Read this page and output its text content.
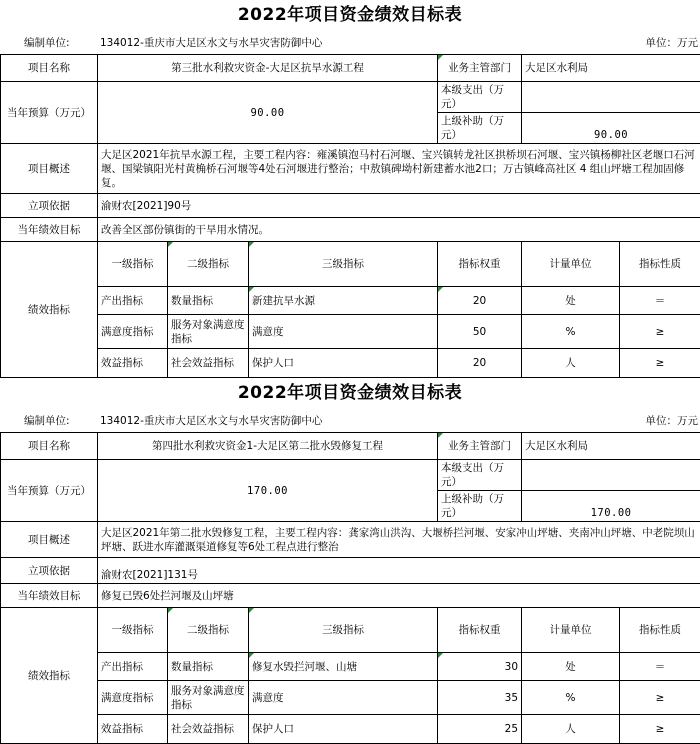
2022年项目资金绩效目标表
编制单位:	134012-重庆市大足区水文与水旱灾害防御中心	单位：万元
项目名称	第三批水利救灾资金-大足区抗旱水源工程			业务主管部门	大足区水利局		
当年预算（万元）	90.00			本级支出（万元）			
				上级补助（万元）	90.00		
项目概述	大足区2021年抗旱水源工程，主要工程内容：雍溪镇泡马村石河堰、宝兴镇转龙社区拱桥坝石河堰、宝兴镇杨柳社区老堰口石河堰、国梁镇阳光村黄桷桥石河堰等4处石河堰进行整治；中敖镇碑坳村新建蓄水池2口；万古镇峰高社区 4 组山坪塘工程加固修复。						
立项依据	渝财农[2021]90号						
当年绩效目标	改善全区部份镇街的干旱用水情况。						
绩效指标	一级指标	二级指标	三级指标	指标权重	计量单位	指标性质	
	产出指标	数量指标	新建抗旱水源	20	处	＝	
	满意度指标	服务对象满意度指标	满意度	50	%	≥	
	效益指标	社会效益指标	保护人口	20	人	≥	
2022年项目资金绩效目标表
编制单位:	134012-重庆市大足区水文与水旱灾害防御中心	单位：万元
项目名称	第四批水利救灾资金1-大足区第二批水毁修复工程			业务主管部门	大足区水利局		
当年预算（万元）	170.00			本级支出（万元）			
				上级补助（万元）	170.00		
项目概述	大足区2021年第二批水毁修复工程，主要工程内容：龚家湾山洪沟、大堰桥拦河堰、安家冲山坪塘、夹南冲山坪塘、中老院坝山坪塘、跃进水库灌溉渠道修复等6处工程点进行整治						
立项依据	渝财农[2021]131号						
当年绩效目标	修复已毁6处拦河堰及山坪塘						
绩效指标	一级指标	二级指标	三级指标	指标权重	计量单位	指标性质	
	产出指标	数量指标	修复水毁拦河堰、山塘	30	处	＝	
	满意度指标	服务对象满意度指标	满意度	35	%	≥	
	效益指标	社会效益指标	保护人口	25	人	≥	
